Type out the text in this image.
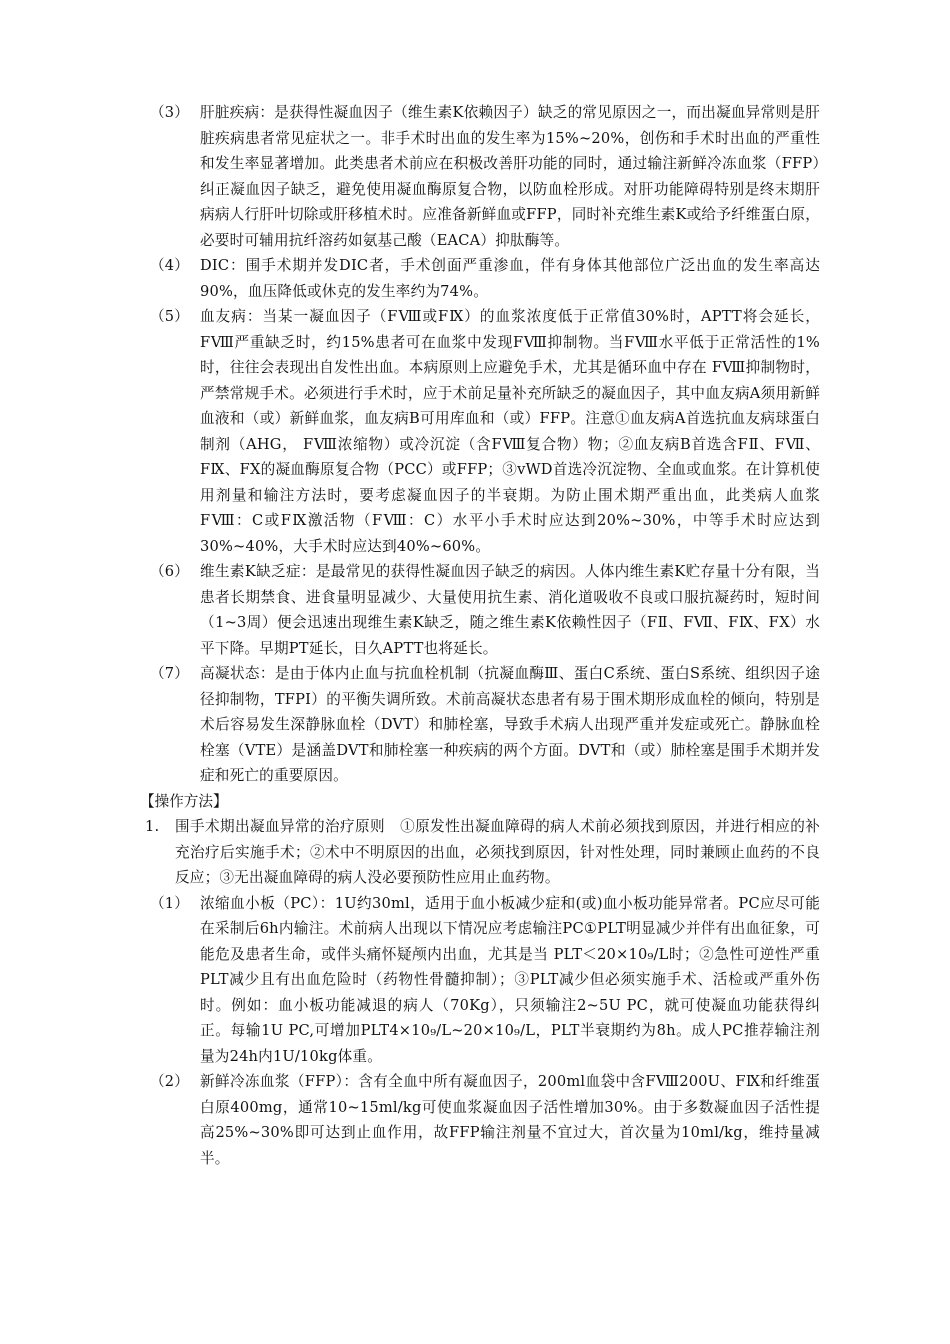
（3） 肝脏疾病：是获得性凝血因子（维生素K依赖因子）缺乏的常见原因之一，而出凝血异常则是肝脏疾病患者常见症状之一。非手术时出血的发生率为15%~20%，创伤和手术时出血的严重性和发生率显著增加。此类患者术前应在积极改善肝功能的同时，通过输注新鲜冷冻血浆（FFP）纠正凝血因子缺乏，避免使用凝血酶原复合物，以防血栓形成。对肝功能障碍特别是终末期肝病病人行肝叶切除或肝移植术时。应准备新鲜血或FFP，同时补充维生素K或给予纤维蛋白原，必要时可辅用抗纤溶药如氨基己酸（EACA）抑肽酶等。
（4） DIC：围手术期并发DIC者，手术创面严重渗血，伴有身体其他部位广泛出血的发生率高达90%，血压降低或休克的发生率约为74%。
（5） 血友病：当某一凝血因子（FⅧ或FⅨ）的血浆浓度低于正常值30%时，APTT将会延长，FⅧ严重缺乏时，约15%患者可在血浆中发现FⅧ抑制物。当FⅧ水平低于正常活性的1%时，往往会表现出自发性出血。本病原则上应避免手术，尤其是循环血中存在 FⅧ抑制物时，严禁常规手术。必须进行手术时，应于术前足量补充所缺乏的凝血因子，其中血友病A须用新鲜血液和（或）新鲜血浆，血友病B可用库血和（或）FFP。注意①血友病A首选抗血友病球蛋白制剂（AHG， FⅧ浓缩物）或冷沉淀（含FⅧ复合物）物；②血友病B首选含FⅡ、FⅦ、FⅨ、FⅩ的凝血酶原复合物（PCC）或FFP；③vWD首选冷沉淀物、全血或血浆。在计算机使用剂量和输注方法时，要考虑凝血因子的半衰期。为防止围术期严重出血，此类病人血浆FⅧ：C或FⅨ激活物（FⅧ：C）水平小手术时应达到20%~30%，中等手术时应达到30%~40%，大手术时应达到40%~60%。
（6） 维生素K缺乏症：是最常见的获得性凝血因子缺乏的病因。人体内维生素K贮存量十分有限，当患者长期禁食、进食量明显减少、大量使用抗生素、消化道吸收不良或口服抗凝药时，短时间（1~3周）便会迅速出现维生素K缺乏，随之维生素K依赖性因子（FⅡ、FⅦ、FⅨ、FⅩ）水平下降。早期PT延长，日久APTT也将延长。
（7） 高凝状态：是由于体内止血与抗血栓机制（抗凝血酶Ⅲ、蛋白C系统、蛋白S系统、组织因子途径抑制物，TFPI）的平衡失调所致。术前高凝状态患者有易于围术期形成血栓的倾向，特别是术后容易发生深静脉血栓（DVT）和肺栓塞，导致手术病人出现严重并发症或死亡。静脉血栓栓塞（VTE）是涵盖DVT和肺栓塞一种疾病的两个方面。DVT和（或）肺栓塞是围手术期并发症和死亡的重要原因。
【操作方法】
1. 围手术期出凝血异常的治疗原则　①原发性出凝血障碍的病人术前必须找到原因，并进行相应的补充治疗后实施手术；②术中不明原因的出血，必须找到原因，针对性处理，同时兼顾止血药的不良反应；③无出凝血障碍的病人没必要预防性应用止血药物。
（1） 浓缩血小板（PC）：1U约30ml，适用于血小板减少症和(或)血小板功能异常者。PC应尽可能在采制后6h内输注。术前病人出现以下情况应考虑输注PC①PLT明显减少并伴有出血征象，可能危及患者生命，或伴头痛怀疑颅内出血，尤其是当 PLT＜20×10₉/L时；②急性可逆性严重PLT减少且有出血危险时（药物性骨髓抑制）；③PLT减少但必须实施手术、活检或严重外伤时。例如：血小板功能减退的病人（70Kg），只须输注2~5U PC，就可使凝血功能获得纠正。每输1U PC,可增加PLT4×10₉/L~20×10₉/L，PLT半衰期约为8h。成人PC推荐输注剂量为24h内1U/10kg体重。
（2） 新鲜冷冻血浆（FFP）：含有全血中所有凝血因子，200ml血袋中含FⅧ200U、FⅨ和纤维蛋白原400mg，通常10~15ml/kg可使血浆凝血因子活性增加30%。由于多数凝血因子活性提高25%~30%即可达到止血作用，故FFP输注剂量不宜过大，首次量为10ml/kg，维持量减半。
